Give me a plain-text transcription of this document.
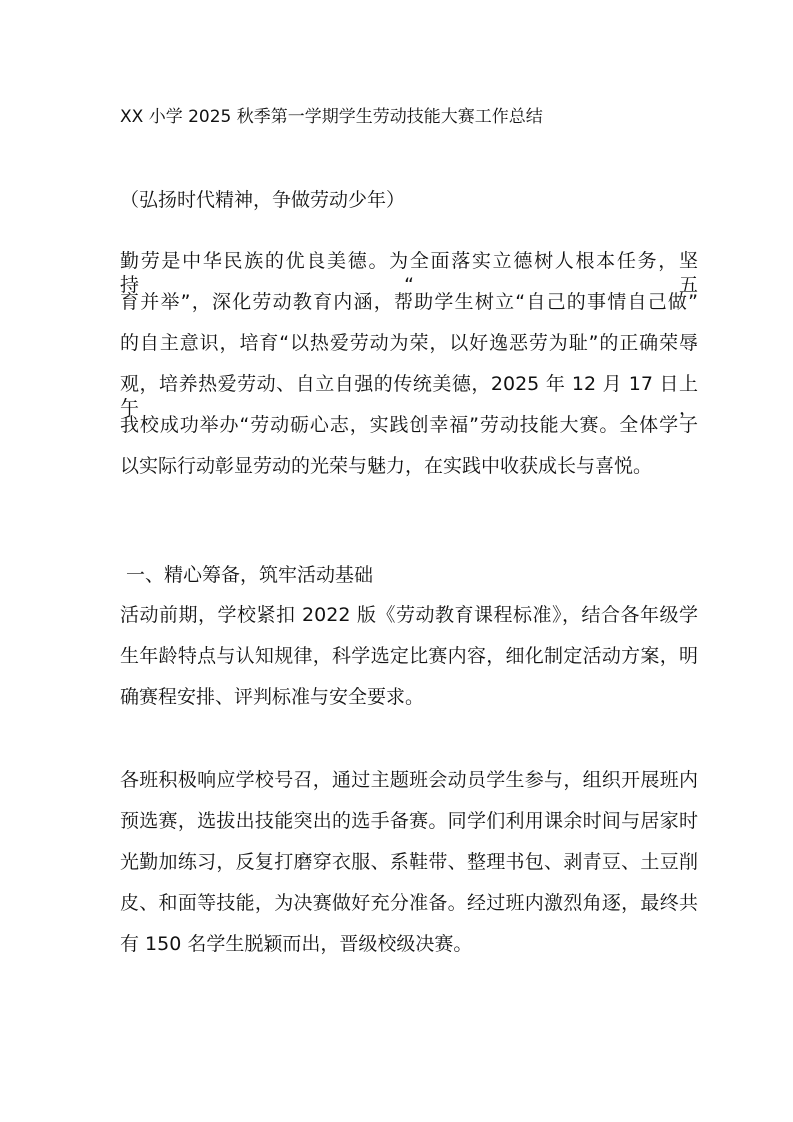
XX 小学 2025 秋季第一学期学生劳动技能大赛工作总结
（弘扬时代精神，争做劳动少年）
勤劳是中华民族的优良美德。为全面落实立德树人根本任务，坚持“五
育并举”，深化劳动教育内涵，帮助学生树立“自己的事情自己做”
的自主意识，培育“以热爱劳动为荣，以好逸恶劳为耻”的正确荣辱
观，培养热爱劳动、自立自强的传统美德，2025 年 12 月 17 日上午，
我校成功举办“劳动砺心志，实践创幸福”劳动技能大赛。全体学子
以实际行动彰显劳动的光荣与魅力，在实践中收获成长与喜悦。
一、精心筹备，筑牢活动基础
活动前期，学校紧扣 2022 版《劳动教育课程标准》，结合各年级学
生年龄特点与认知规律，科学选定比赛内容，细化制定活动方案，明
确赛程安排、评判标准与安全要求。
各班积极响应学校号召，通过主题班会动员学生参与，组织开展班内
预选赛，选拔出技能突出的选手备赛。同学们利用课余时间与居家时
光勤加练习，反复打磨穿衣服、系鞋带、整理书包、剥青豆、土豆削
皮、和面等技能，为决赛做好充分准备。经过班内激烈角逐，最终共
有 150 名学生脱颖而出，晋级校级决赛。
